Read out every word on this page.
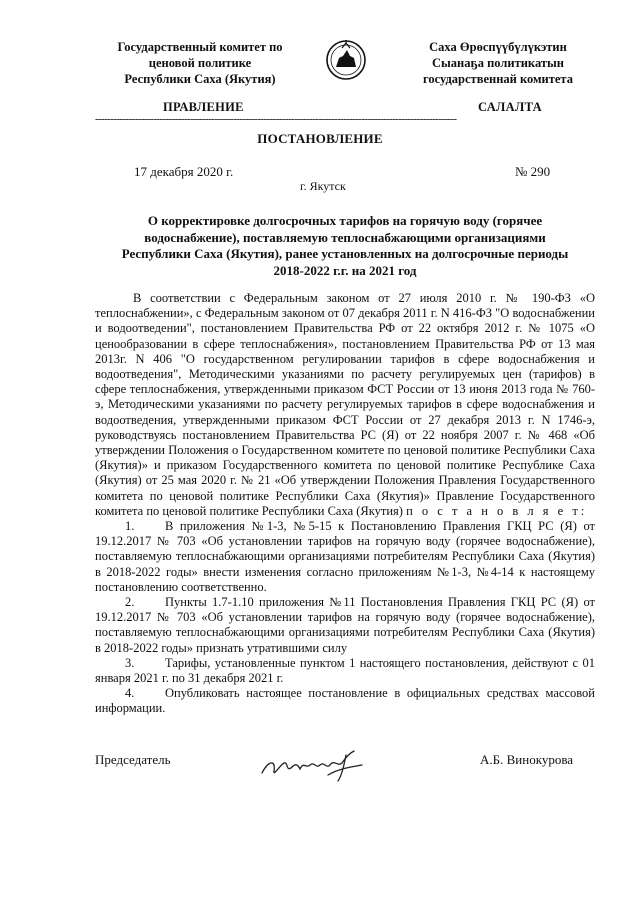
Государственный комитет по
ценовой политике
Республики Саха (Якутия)
Саха Өрөспүүбүлүкэтин
Сыанаҕа политикатын
государственнай комитета
ПРАВЛЕНИЕ	САЛАЛТА
----------------------------------------------------------------------------------------------------------------------
ПОСТАНОВЛЕНИЕ
17 декабря 2020 г.	№ 290
г. Якутск
О корректировке долгосрочных тарифов на горячую воду (горячее
водоснабжение), поставляемую теплоснабжающими организациями
Республики Саха (Якутия), ранее установленных на долгосрочные периоды
2018-2022 г.г. на 2021 год

В соответствии с Федеральным законом от 27 июля 2010 г. № 190-ФЗ «О теплоснабжении», с Федеральным законом от 07 декабря 2011 г. N 416-ФЗ "О водоснабжении и водоотведении", постановлением Правительства РФ от 22 октября 2012 г. № 1075 «О ценообразовании в сфере теплоснабжения», постановлением Правительства РФ от 13 мая 2013г. N 406 "О государственном регулировании тарифов в сфере водоснабжения и водоотведения", Методическими указаниями по расчету регулируемых цен (тарифов) в сфере теплоснабжения, утвержденными приказом ФСТ России от 13 июня 2013 года № 760-э, Методическими указаниями по расчету регулируемых тарифов в сфере водоснабжения и водоотведения, утвержденными приказом ФСТ России от 27 декабря 2013 г. N 1746-э, руководствуясь постановлением Правительства РС (Я) от 22 ноября 2007 г. № 468 «Об утверждении Положения о Государственном комитете по ценовой политике Республики Саха (Якутия)» и приказом Государственного комитета по ценовой политике Республике Саха (Якутия) от 25 мая 2020 г. № 21 «Об утверждении Положения Правления Государственного комитета по ценовой политике Республики Саха (Якутия)» Правление Государственного комитета по ценовой политике Республики Саха (Якутия) п о с т а н о в л я е т:

1. В приложения №1-3, №5-15 к Постановлению Правления ГКЦ РС (Я) от 19.12.2017 № 703 «Об установлении тарифов на горячую воду (горячее водоснабжение), поставляемую теплоснабжающими организациями потребителям Республики Саха (Якутия) в 2018-2022 годы» внести изменения согласно приложениям №1-3, №4-14 к настоящему постановлению соответственно.

2. Пункты 1.7-1.10 приложения №11 Постановления Правления ГКЦ РС (Я) от 19.12.2017 № 703 «Об установлении тарифов на горячую воду (горячее водоснабжение), поставляемую теплоснабжающими организациями потребителям Республики Саха (Якутия) в 2018-2022 годы» признать утратившими силу

3. Тарифы, установленные пунктом 1 настоящего постановления, действуют с 01 января 2021 г. по 31 декабря 2021 г.

4. Опубликовать настоящее постановление в официальных средствах массовой информации.

Председатель	А.Б. Винокурова
